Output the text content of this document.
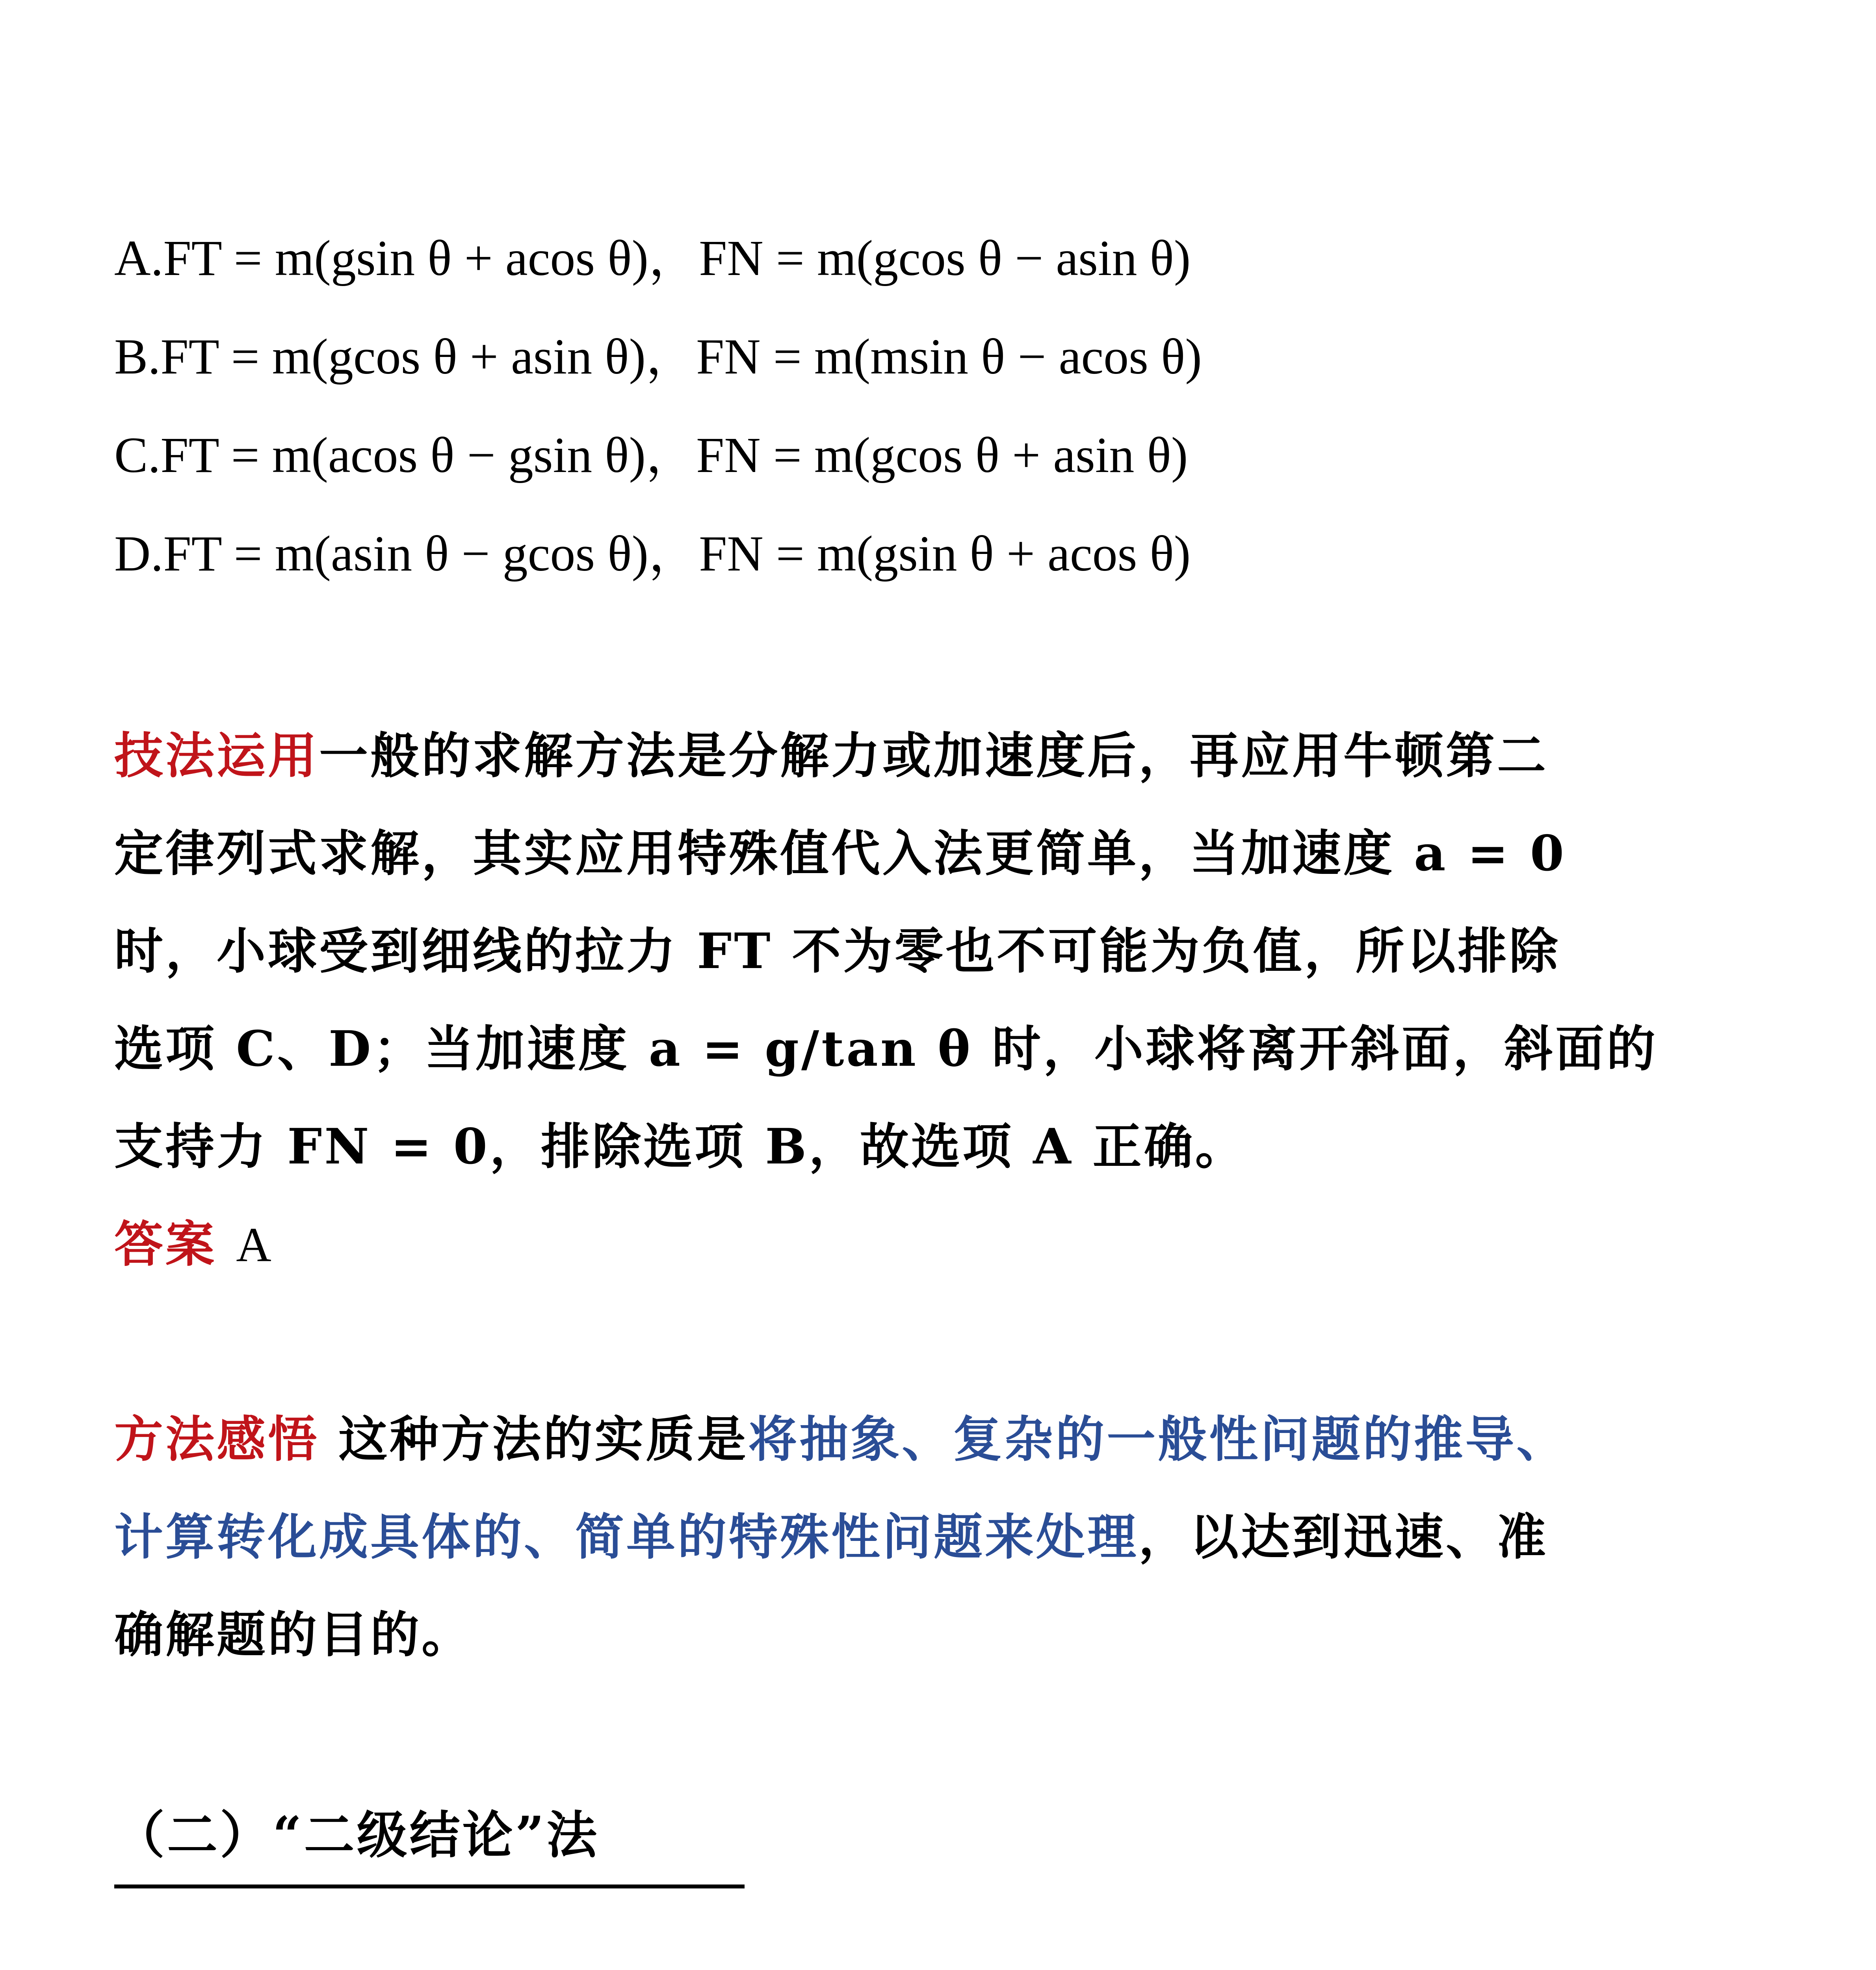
A.FT = m(gsin θ + acos θ)，FN = m(gcos θ − asin θ)
B.FT = m(gcos θ + asin θ)，FN = m(msin θ − acos θ)
C.FT = m(acos θ − gsin θ)，FN = m(gcos θ + asin θ)
D.FT = m(asin θ − gcos θ)，FN = m(gsin θ + acos θ)
技法运用一般的求解方法是分解力或加速度后，再应用牛顿第二
定律列式求解，其实应用特殊值代入法更简单，当加速度 a = 0
时，小球受到细线的拉力 FT 不为零也不可能为负值，所以排除
选项 C、D；当加速度 a = g/tan θ 时，小球将离开斜面，斜面的
支持力 FN = 0，排除选项 B，故选项 A 正确。
答案 A
方法感悟 这种方法的实质是将抽象、复杂的一般性问题的推导、
计算转化成具体的、简单的特殊性问题来处理，以达到迅速、准
确解题的目的。
（二）“二级结论”法
